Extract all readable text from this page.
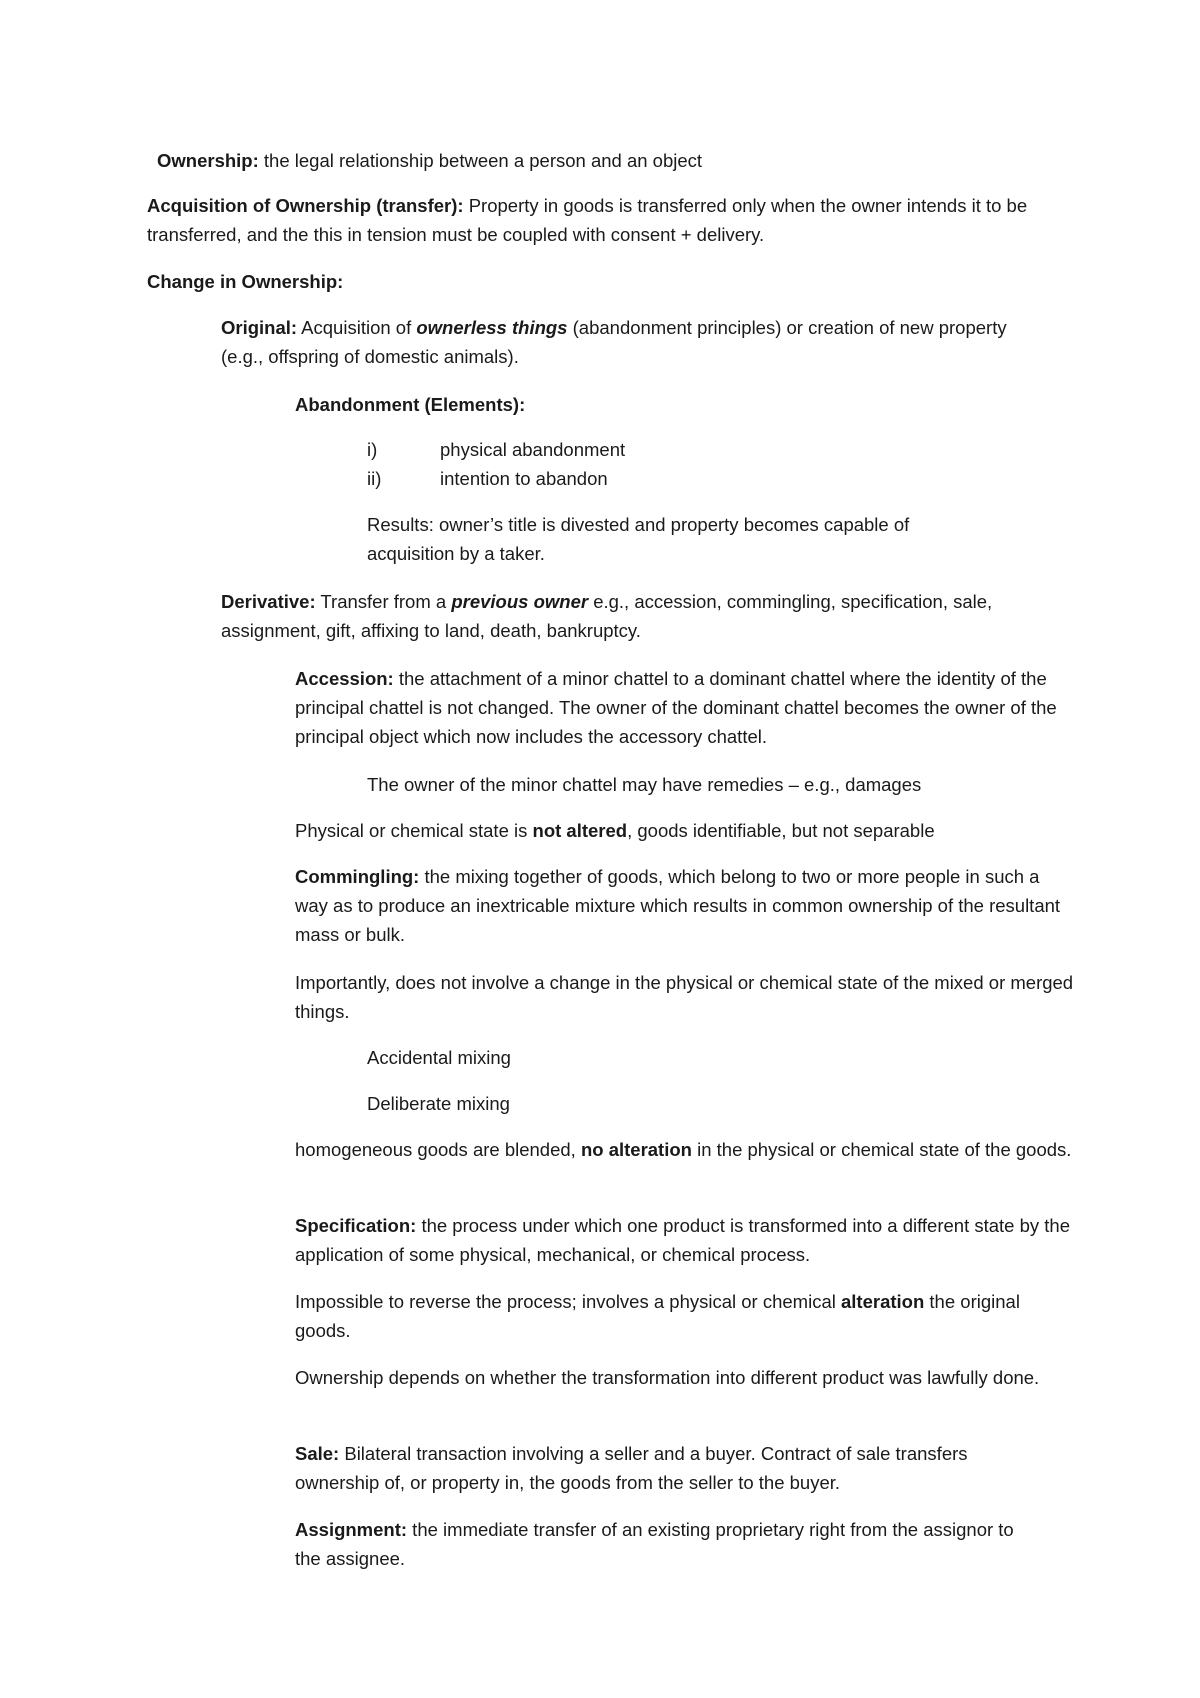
Ownership: the legal relationship between a person and an object

Acquisition of Ownership (transfer): Property in goods is transferred only when the owner intends it to be transferred, and the this in tension must be coupled with consent + delivery.

Change in Ownership:

Original: Acquisition of ownerless things (abandonment principles) or creation of new property (e.g., offspring of domestic animals).

Abandonment (Elements):

i)	physical abandonment
ii)	intention to abandon

Results: owner’s title is divested and property becomes capable of acquisition by a taker.

Derivative: Transfer from a previous owner e.g., accession, commingling, specification, sale, assignment, gift, affixing to land, death, bankruptcy.

Accession: the attachment of a minor chattel to a dominant chattel where the identity of the principal chattel is not changed. The owner of the dominant chattel becomes the owner of the principal object which now includes the accessory chattel.

The owner of the minor chattel may have remedies – e.g., damages

Physical or chemical state is not altered, goods identifiable, but not separable

Commingling: the mixing together of goods, which belong to two or more people in such a way as to produce an inextricable mixture which results in common ownership of the resultant mass or bulk.

Importantly, does not involve a change in the physical or chemical state of the mixed or merged things.

Accidental mixing

Deliberate mixing

homogeneous goods are blended, no alteration in the physical or chemical state of the goods.

Specification: the process under which one product is transformed into a different state by the application of some physical, mechanical, or chemical process.

Impossible to reverse the process; involves a physical or chemical alteration the original goods.

Ownership depends on whether the transformation into different product was lawfully done.

Sale: Bilateral transaction involving a seller and a buyer. Contract of sale transfers ownership of, or property in, the goods from the seller to the buyer.

Assignment: the immediate transfer of an existing proprietary right from the assignor to the assignee.
